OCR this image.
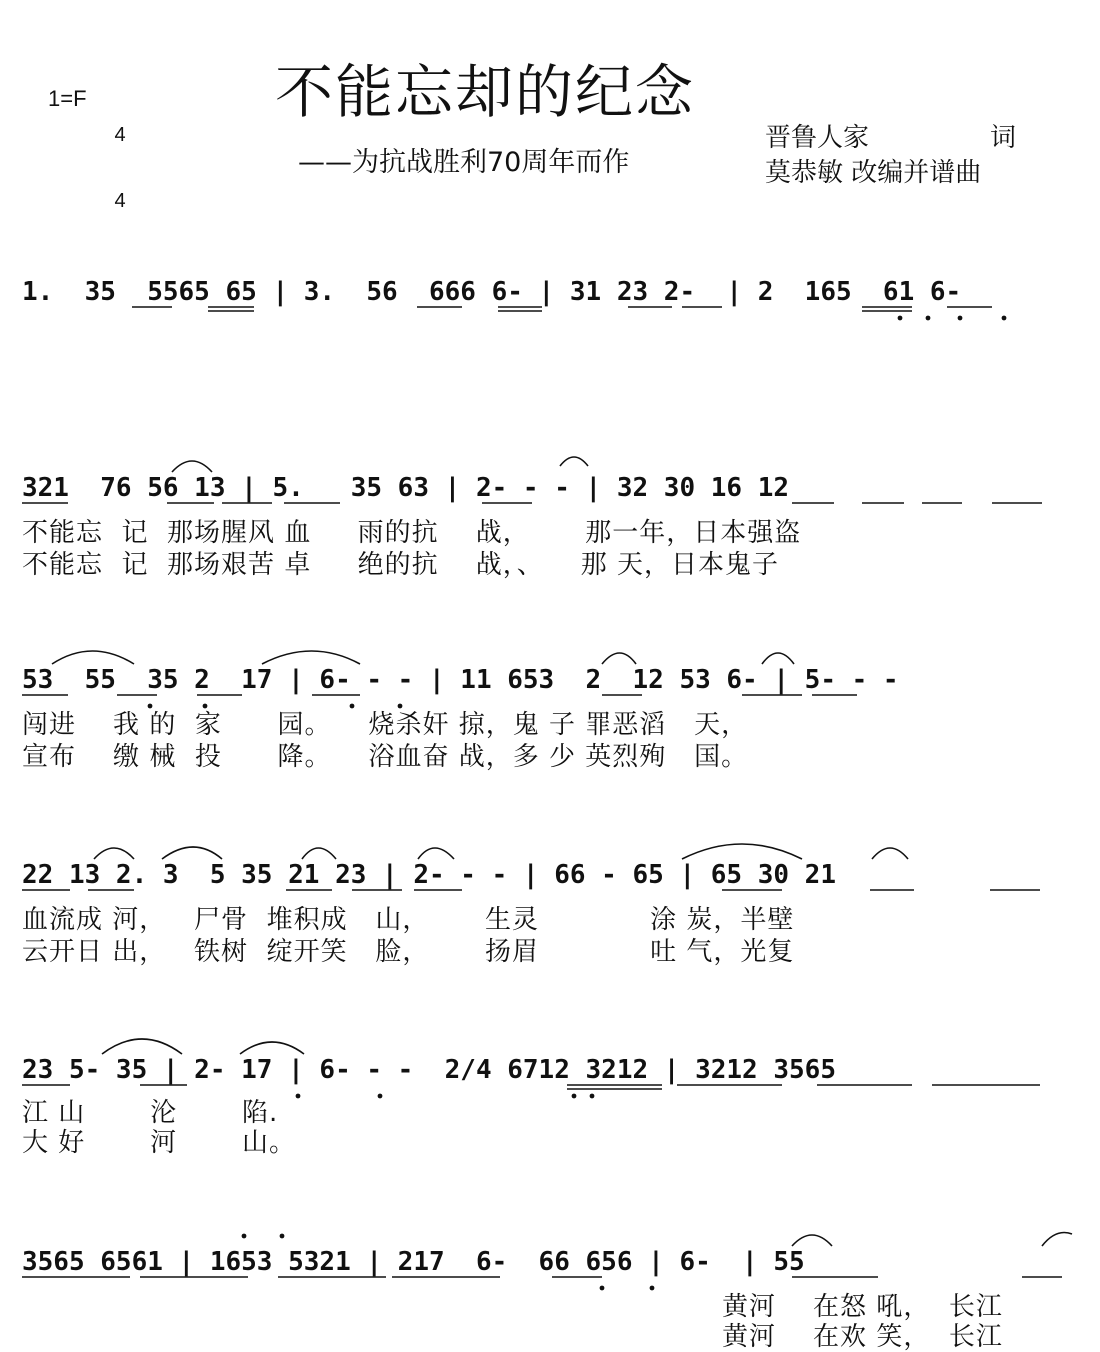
1=F

4

4

不能忘却的纪念
——为抗战胜利70周年而作
晋鲁人家	词
莫恭敏 改编并谱曲
1.  35  5565 65 | 3.  56  666 6- | 31 23 2-  | 2  165  61 6-
321  76 56 13 | 5.   35 63 | 2- - - | 32 30 16 12
不能忘  记  那场腥风 血     雨的抗    战，      那一年，日本强盗
不能忘  记  那场艰苦 卓     绝的抗    战，、    那 天，日本鬼子
53  55  35 2  17 | 6- - - | 11 653  2  12 53 6- | 5- - -
闯进    我 的  家      园。    烧杀奸 掠，鬼 子 罪恶滔   天，
宣布    缴 械  投      降。    浴血奋 战，多 少 英烈殉   国。
22 13 2. 3  5 35 21 23 | 2- - - | 66 - 65 | 65 30 21
血流成 河，   尸骨  堆积成   山，      生灵            涂 炭，半壁
云开日 出，   铁树  绽开笑   脸，      扬眉            吐 气，光复
23 5- 35 | 2- 17 | 6- - -  2/4 6712 3212 | 3212 3565
江 山       沦       陷.
大 好       河       山。
3565 6561 | 1653 5321 | 217  6-  66 656 | 6-  | 55
黄河    在怒 吼，  长江
黄河    在欢 笑，  长江
